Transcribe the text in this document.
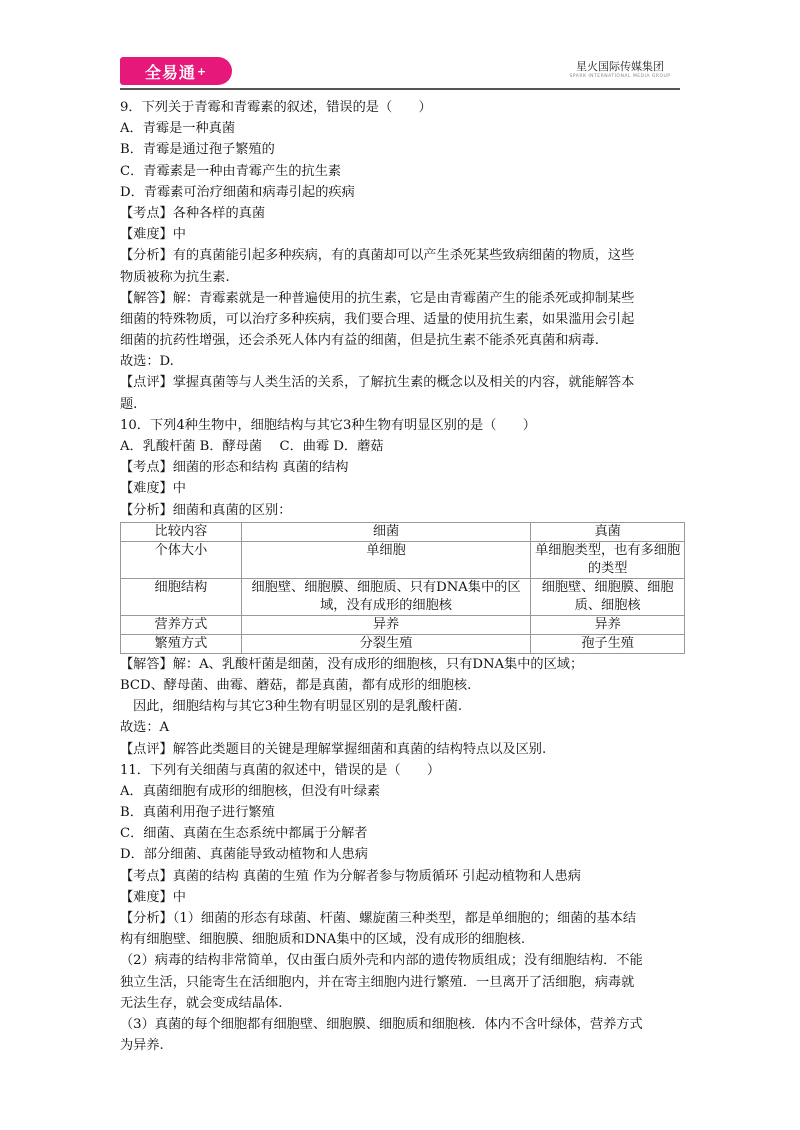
全易通 +	星火国际传媒集团
SPARK INTERNATIONAL MEDIA GROUP
9．下列关于青霉和青霉素的叙述，错误的是（　　）
A．青霉是一种真菌
B．青霉是通过孢子繁殖的
C．青霉素是一种由青霉产生的抗生素
D．青霉素可治疗细菌和病毒引起的疾病
【考点】各种各样的真菌
【难度】中
【分析】有的真菌能引起多种疾病，有的真菌却可以产生杀死某些致病细菌的物质，这些
物质被称为抗生素.
【解答】解：青霉素就是一种普遍使用的抗生素，它是由青霉菌产生的能杀死或抑制某些
细菌的特殊物质，可以治疗多种疾病，我们要合理、适量的使用抗生素，如果滥用会引起
细菌的抗药性增强，还会杀死人体内有益的细菌，但是抗生素不能杀死真菌和病毒.
故选：D.
【点评】掌握真菌等与人类生活的关系，了解抗生素的概念以及相关的内容，就能解答本
题.
10．下列4种生物中，细胞结构与其它3种生物有明显区别的是（　　）
A．乳酸杆菌 B．酵母菌　 C．曲霉 D．蘑菇
【考点】细菌的形态和结构 真菌的结构
【难度】中
【分析】细菌和真菌的区别：
比较内容	细菌	真菌
个体大小	单细胞	单细胞类型，也有多细胞的类型
细胞结构	细胞壁、细胞膜、细胞质、只有DNA集中的区域，没有成形的细胞核	细胞壁、细胞膜、细胞质、细胞核
营养方式	异养	异养
繁殖方式	分裂生殖	孢子生殖
【解答】解：A、乳酸杆菌是细菌，没有成形的细胞核，只有DNA集中的区域；
BCD、酵母菌、曲霉、蘑菇，都是真菌，都有成形的细胞核.
因此，细胞结构与其它3种生物有明显区别的是乳酸杆菌.
故选：A
【点评】解答此类题目的关键是理解掌握细菌和真菌的结构特点以及区别.
11．下列有关细菌与真菌的叙述中，错误的是（　　）
A．真菌细胞有成形的细胞核，但没有叶绿素
B．真菌利用孢子进行繁殖
C．细菌、真菌在生态系统中都属于分解者
D．部分细菌、真菌能导致动植物和人患病
【考点】真菌的结构 真菌的生殖 作为分解者参与物质循环 引起动植物和人患病
【难度】中
【分析】（1）细菌的形态有球菌、杆菌、螺旋菌三种类型，都是单细胞的；细菌的基本结
构有细胞壁、细胞膜、细胞质和DNA集中的区域，没有成形的细胞核.
（2）病毒的结构非常简单，仅由蛋白质外壳和内部的遗传物质组成；没有细胞结构．不能
独立生活，只能寄生在活细胞内，并在寄主细胞内进行繁殖．一旦离开了活细胞，病毒就
无法生存，就会变成结晶体.
（3）真菌的每个细胞都有细胞壁、细胞膜、细胞质和细胞核．体内不含叶绿体，营养方式
为异养.
